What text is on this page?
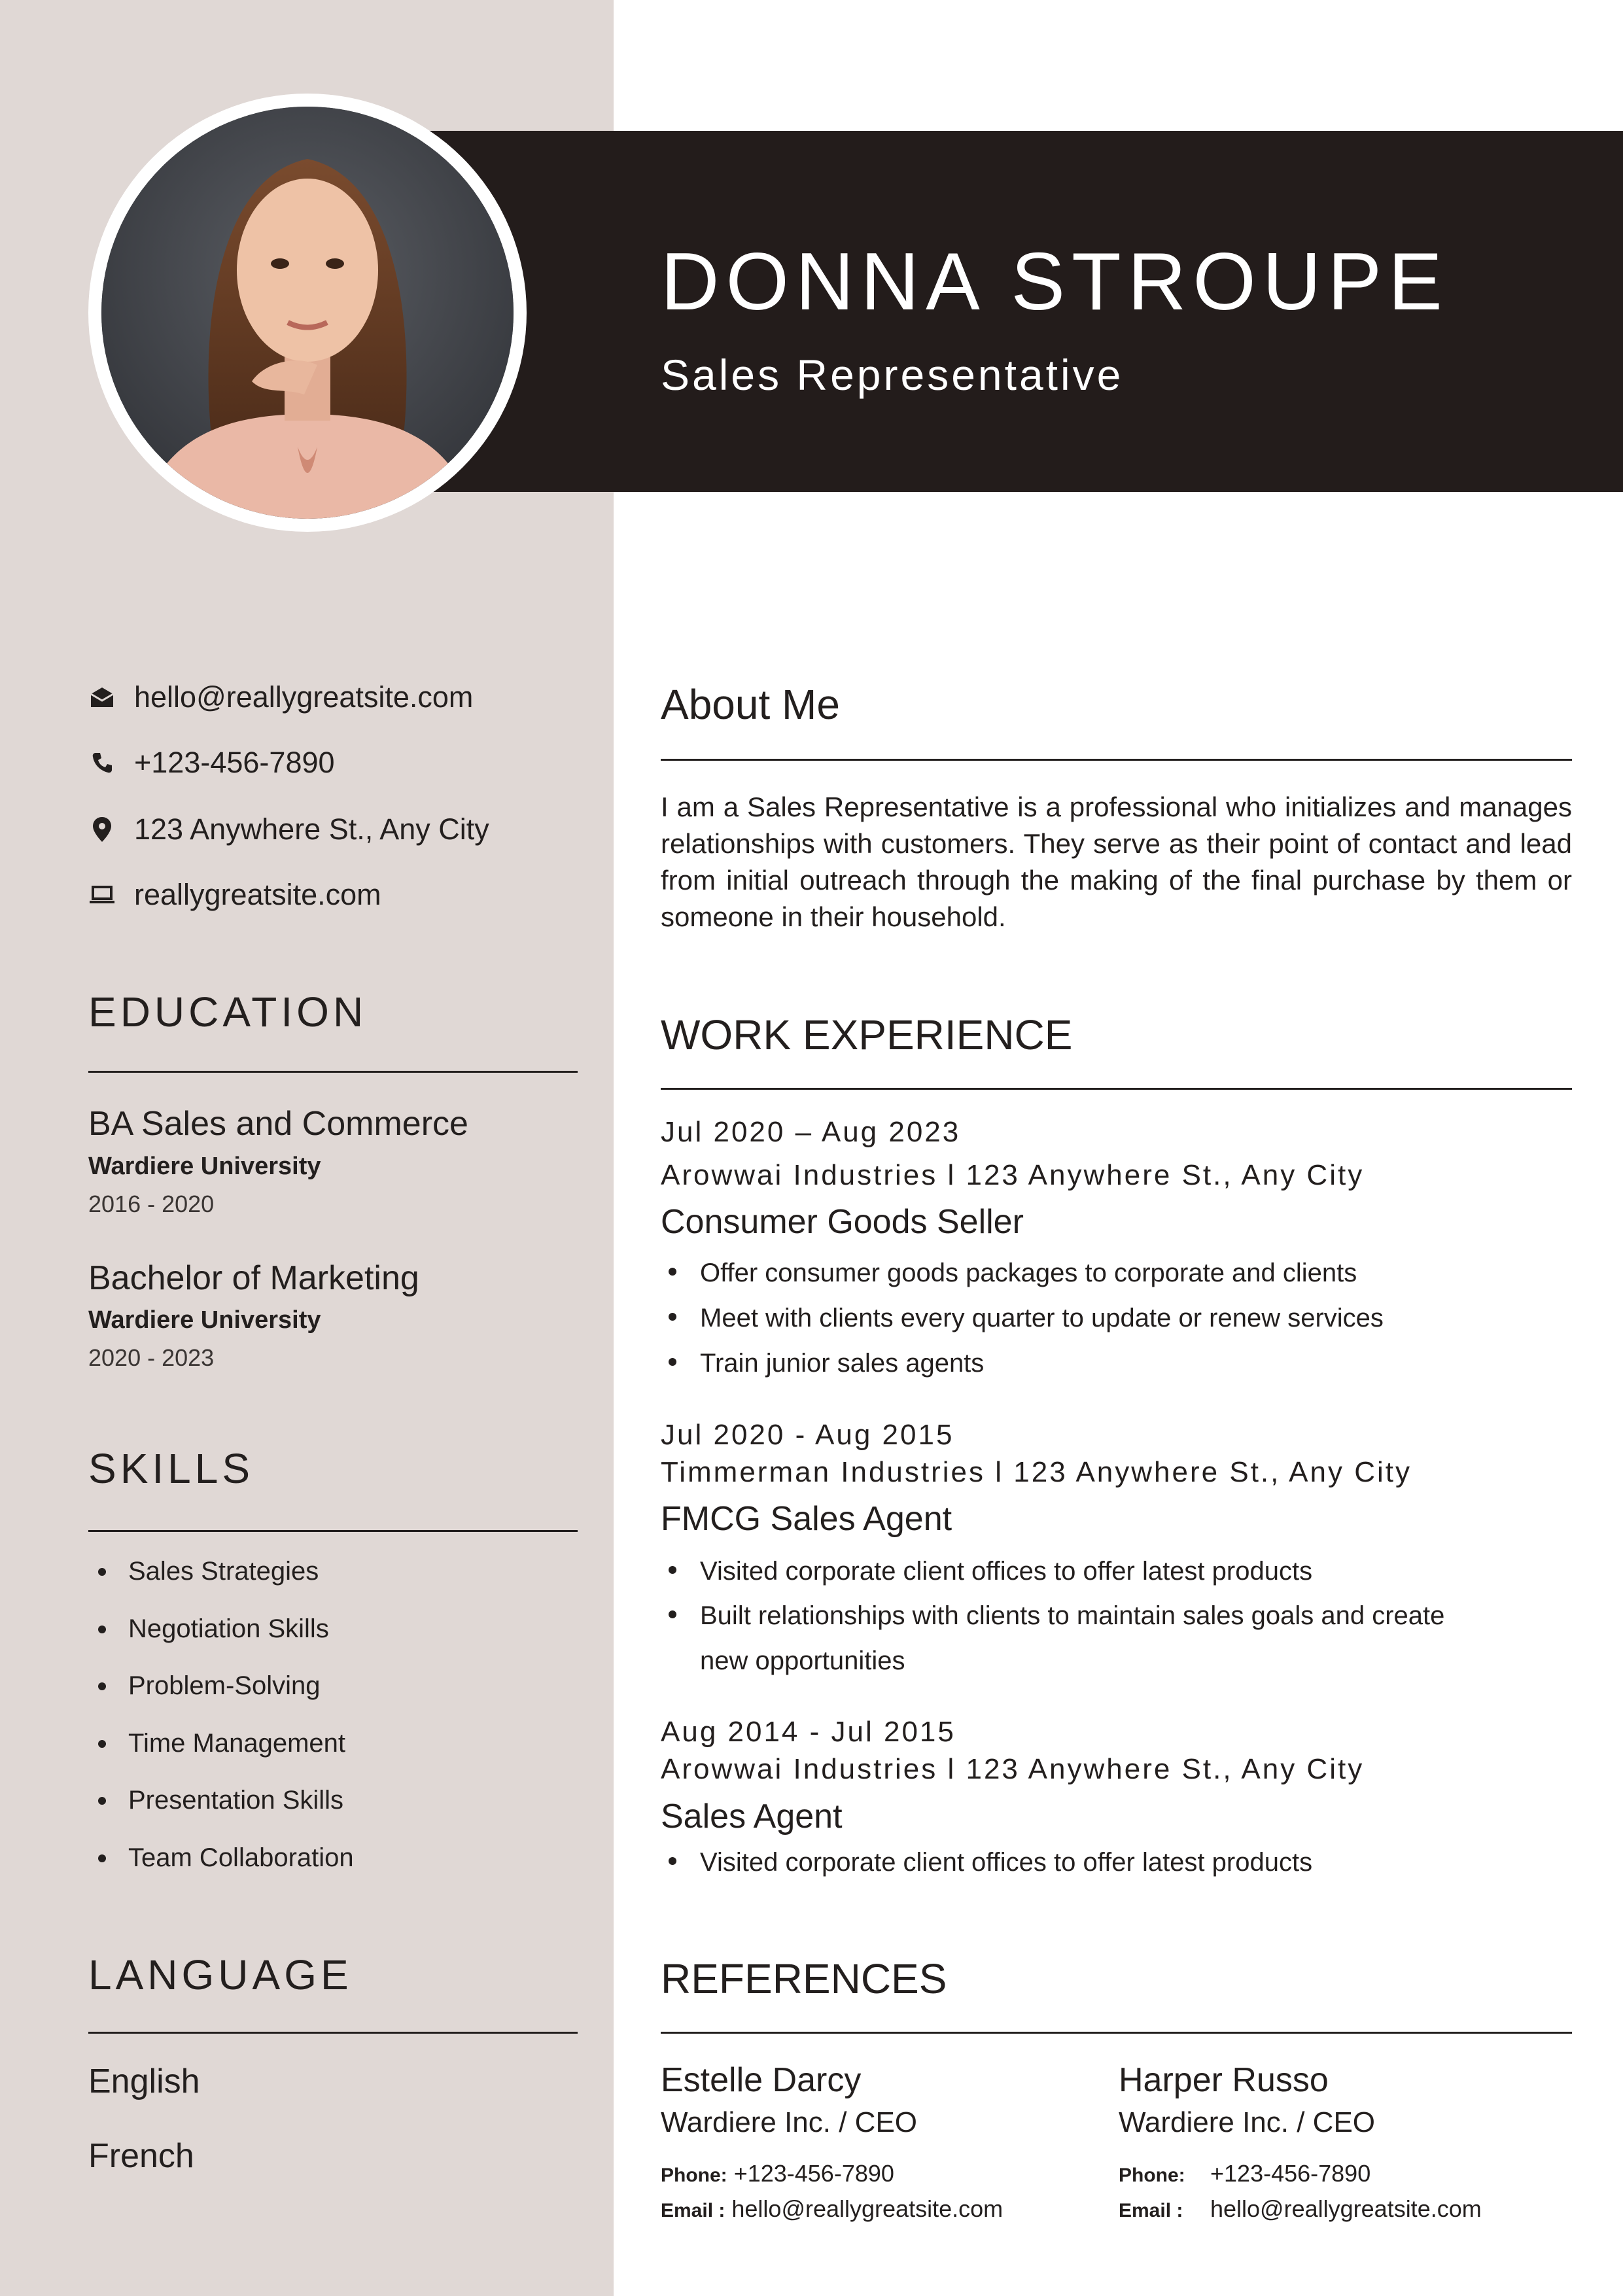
DONNA STROUPE
Sales Representative
hello@reallygreatsite.com
+123-456-7890
123 Anywhere St., Any City
reallygreatsite.com
EDUCATION
BA Sales and Commerce
Wardiere University
2016 - 2020
Bachelor of Marketing
Wardiere University
2020 - 2023
SKILLS
Sales Strategies
Negotiation Skills
Problem-Solving
Time Management
Presentation Skills
Team Collaboration
LANGUAGE
English
French
About Me
I am a Sales Representative is a professional who initializes and manages relationships with customers. They serve as their point of contact and lead from initial outreach through the making of the final purchase by them or someone in their household.
WORK EXPERIENCE
Jul 2020 – Aug 2023
Arowwai Industries l 123 Anywhere St., Any City
Consumer Goods Seller
Offer consumer goods packages to corporate and clients
Meet with clients every quarter to update or renew services
Train junior sales agents
Jul 2020 - Aug 2015
Timmerman Industries l 123 Anywhere St., Any City
FMCG Sales Agent
Visited corporate client offices to offer latest products
Built relationships with clients to maintain sales goals and create
new opportunities
Aug 2014 - Jul 2015
Arowwai Industries l 123 Anywhere St., Any City
Sales Agent
Visited corporate client offices to offer latest products
REFERENCES
Estelle Darcy
Wardiere Inc. / CEO
Phone: +123-456-7890
Email : hello@reallygreatsite.com
Harper Russo
Wardiere Inc. / CEO
Phone: +123-456-7890
Email : hello@reallygreatsite.com
